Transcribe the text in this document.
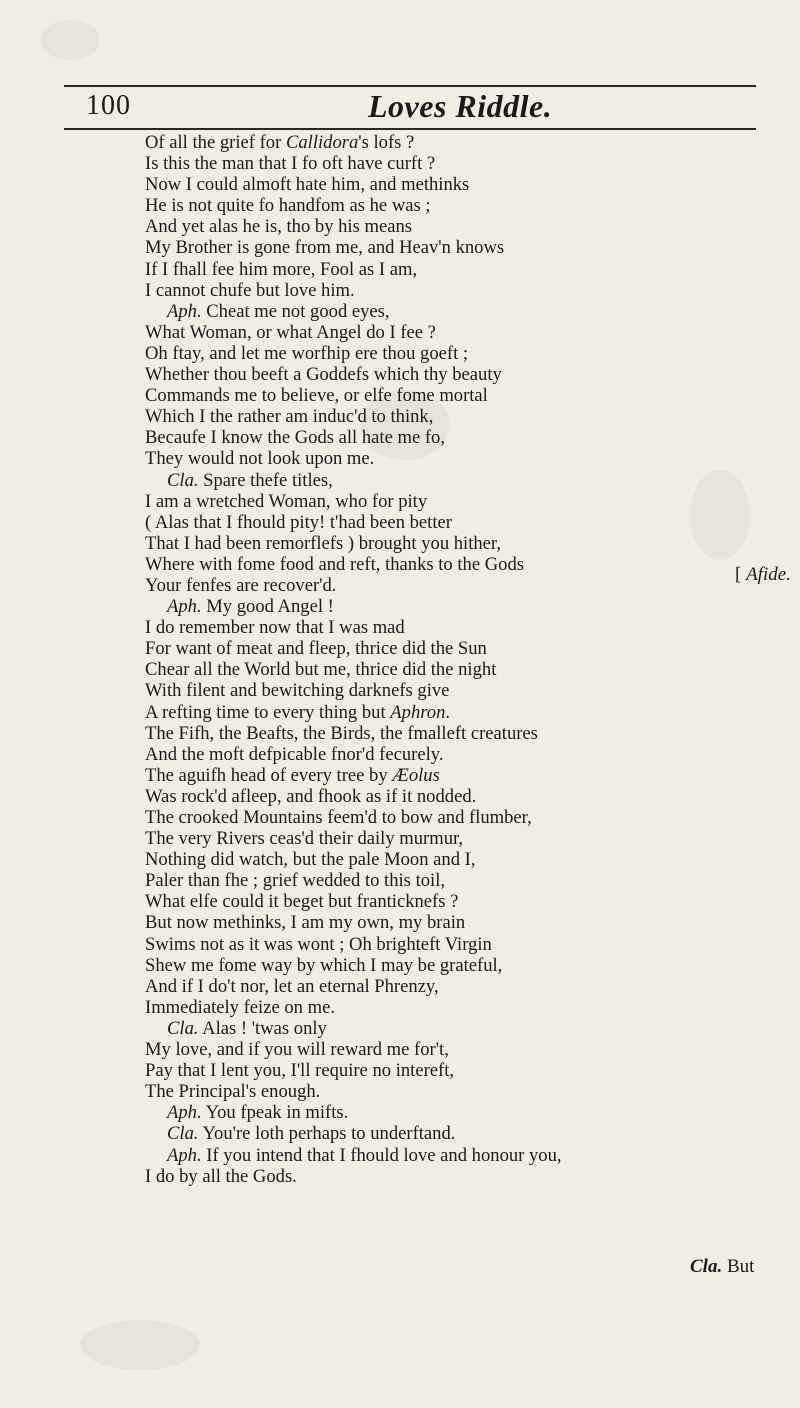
100	Loves Riddle.
Of all the grief for Callidora's lofs ?
Is this the man that I fo oft have curft ?
Now I could almoft hate him, and methinks
He is not quite fo handfom as he was ;
And yet alas he is, tho by his means
My Brother is gone from me, and Heav'n knows
If I fhall fee him more, Fool as I am,
I cannot chufe but love him.
Aph. Cheat me not good eyes,
What Woman, or what Angel do I fee ?
Oh ftay, and let me worfhip ere thou goeft ;
Whether thou beeft a Goddefs which thy beauty
Commands me to believe, or elfe fome mortal
Which I the rather am induc'd to think,
Becaufe I know the Gods all hate me fo,
They would not look upon me.
Cla. Spare thefe titles,
I am a wretched Woman, who for pity
( Alas that I fhould pity! t'had been better
That I had been remorflefs ) brought you hither,
Where with fome food and reft, thanks to the Gods
Your fenfes are recover'd.
Aph. My good Angel !
I do remember now that I was mad
For want of meat and fleep, thrice did the Sun
Chear all the World but me, thrice did the night
With filent and bewitching darknefs give
A refting time to every thing but Aphron.
The Fifh, the Beafts, the Birds, the fmalleft creatures
And the moft defpicable fnor'd fecurely.
The aguifh head of every tree by Æolus
Was rock'd afleep, and fhook as if it nodded.
The crooked Mountains feem'd to bow and flumber,
The very Rivers ceas'd their daily murmur,
Nothing did watch, but the pale Moon and I,
Paler than fhe ; grief wedded to this toil,
What elfe could it beget but franticknefs ?
But now methinks, I am my own, my brain
Swims not as it was wont ; Oh brighteft Virgin
Shew me fome way by which I may be grateful,
And if I do't nor, let an eternal Phrenzy,
Immediately feize on me.
Cla. Alas ! 'twas only
My love, and if you will reward me for't,
Pay that I lent you, I'll require no intereft,
The Principal's enough.
Aph. You fpeak in mifts.
Cla. You're loth perhaps to underftand.
Aph. If you intend that I fhould love and honour you,
I do by all the Gods.
[ Afide.
Cla. But
